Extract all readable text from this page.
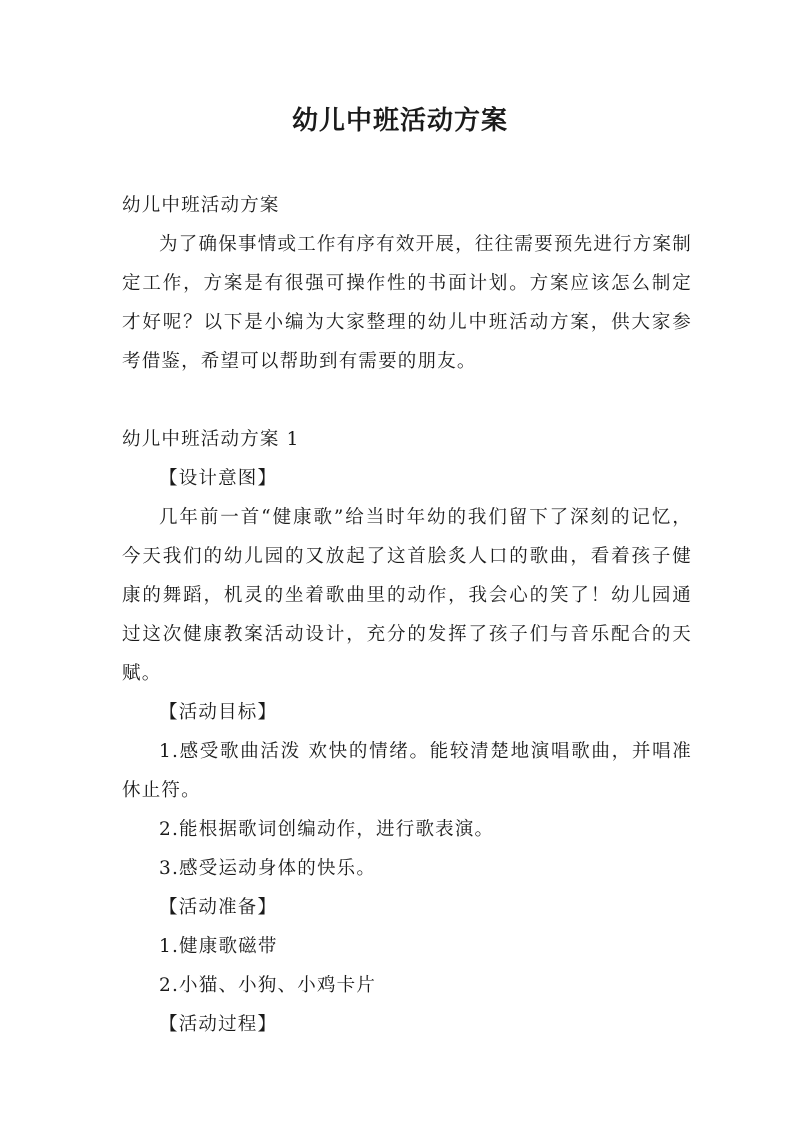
幼儿中班活动方案

幼儿中班活动方案

为了确保事情或工作有序有效开展，往往需要预先进行方案制定工作，方案是有很强可操作性的书面计划。方案应该怎么制定才好呢？以下是小编为大家整理的幼儿中班活动方案，供大家参考借鉴，希望可以帮助到有需要的朋友。

幼儿中班活动方案 1

【设计意图】

几年前一首“健康歌”给当时年幼的我们留下了深刻的记忆，今天我们的幼儿园的又放起了这首脍炙人口的歌曲，看着孩子健康的舞蹈，机灵的坐着歌曲里的动作，我会心的笑了！幼儿园通过这次健康教案活动设计，充分的发挥了孩子们与音乐配合的天赋。

【活动目标】

1.感受歌曲活泼 欢快的情绪。能较清楚地演唱歌曲，并唱准休止符。

2.能根据歌词创编动作，进行歌表演。

3.感受运动身体的快乐。

【活动准备】

1.健康歌磁带

2.小猫、小狗、小鸡卡片

【活动过程】
